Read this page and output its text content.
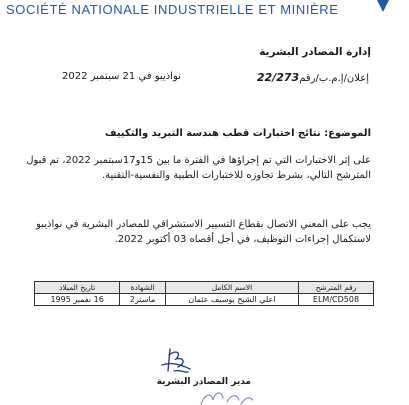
SOCIÉTÉ NATIONALE INDUSTRIELLE ET MINIÈRE
إدارة المصادر البشرية
إعلان/إ.م.ب/رقم22/273
نواذيبو في 21 سبتمبر 2022
الموضوع: نتائج اختبارات قطب هندسة التبريد والتكييف
على إثر الاختبارات التي تم إجراؤها في الفترة ما بين 15و17سبتمبر 2022، تم قبول
المترشح التالي، بشرط تجاوزه للاختبارات الطبية والنفسية-التقنية.
يجب على المعني الاتصال بقطاع التسيير الاستشرافي للمصادر البشرية في نواذيبو
لاستكمال إجراءات التوظيف، في أجل أقصاه 03 أكتوبر 2022.
رقم المترشح	الاسم الكامل	الشهادة	تاريخ الميلاد
ELM/CD508	اعلي الشيخ يوسيف عثمان	ماستر2	16 نفمبر 1995
مدير المصادر البشرية
